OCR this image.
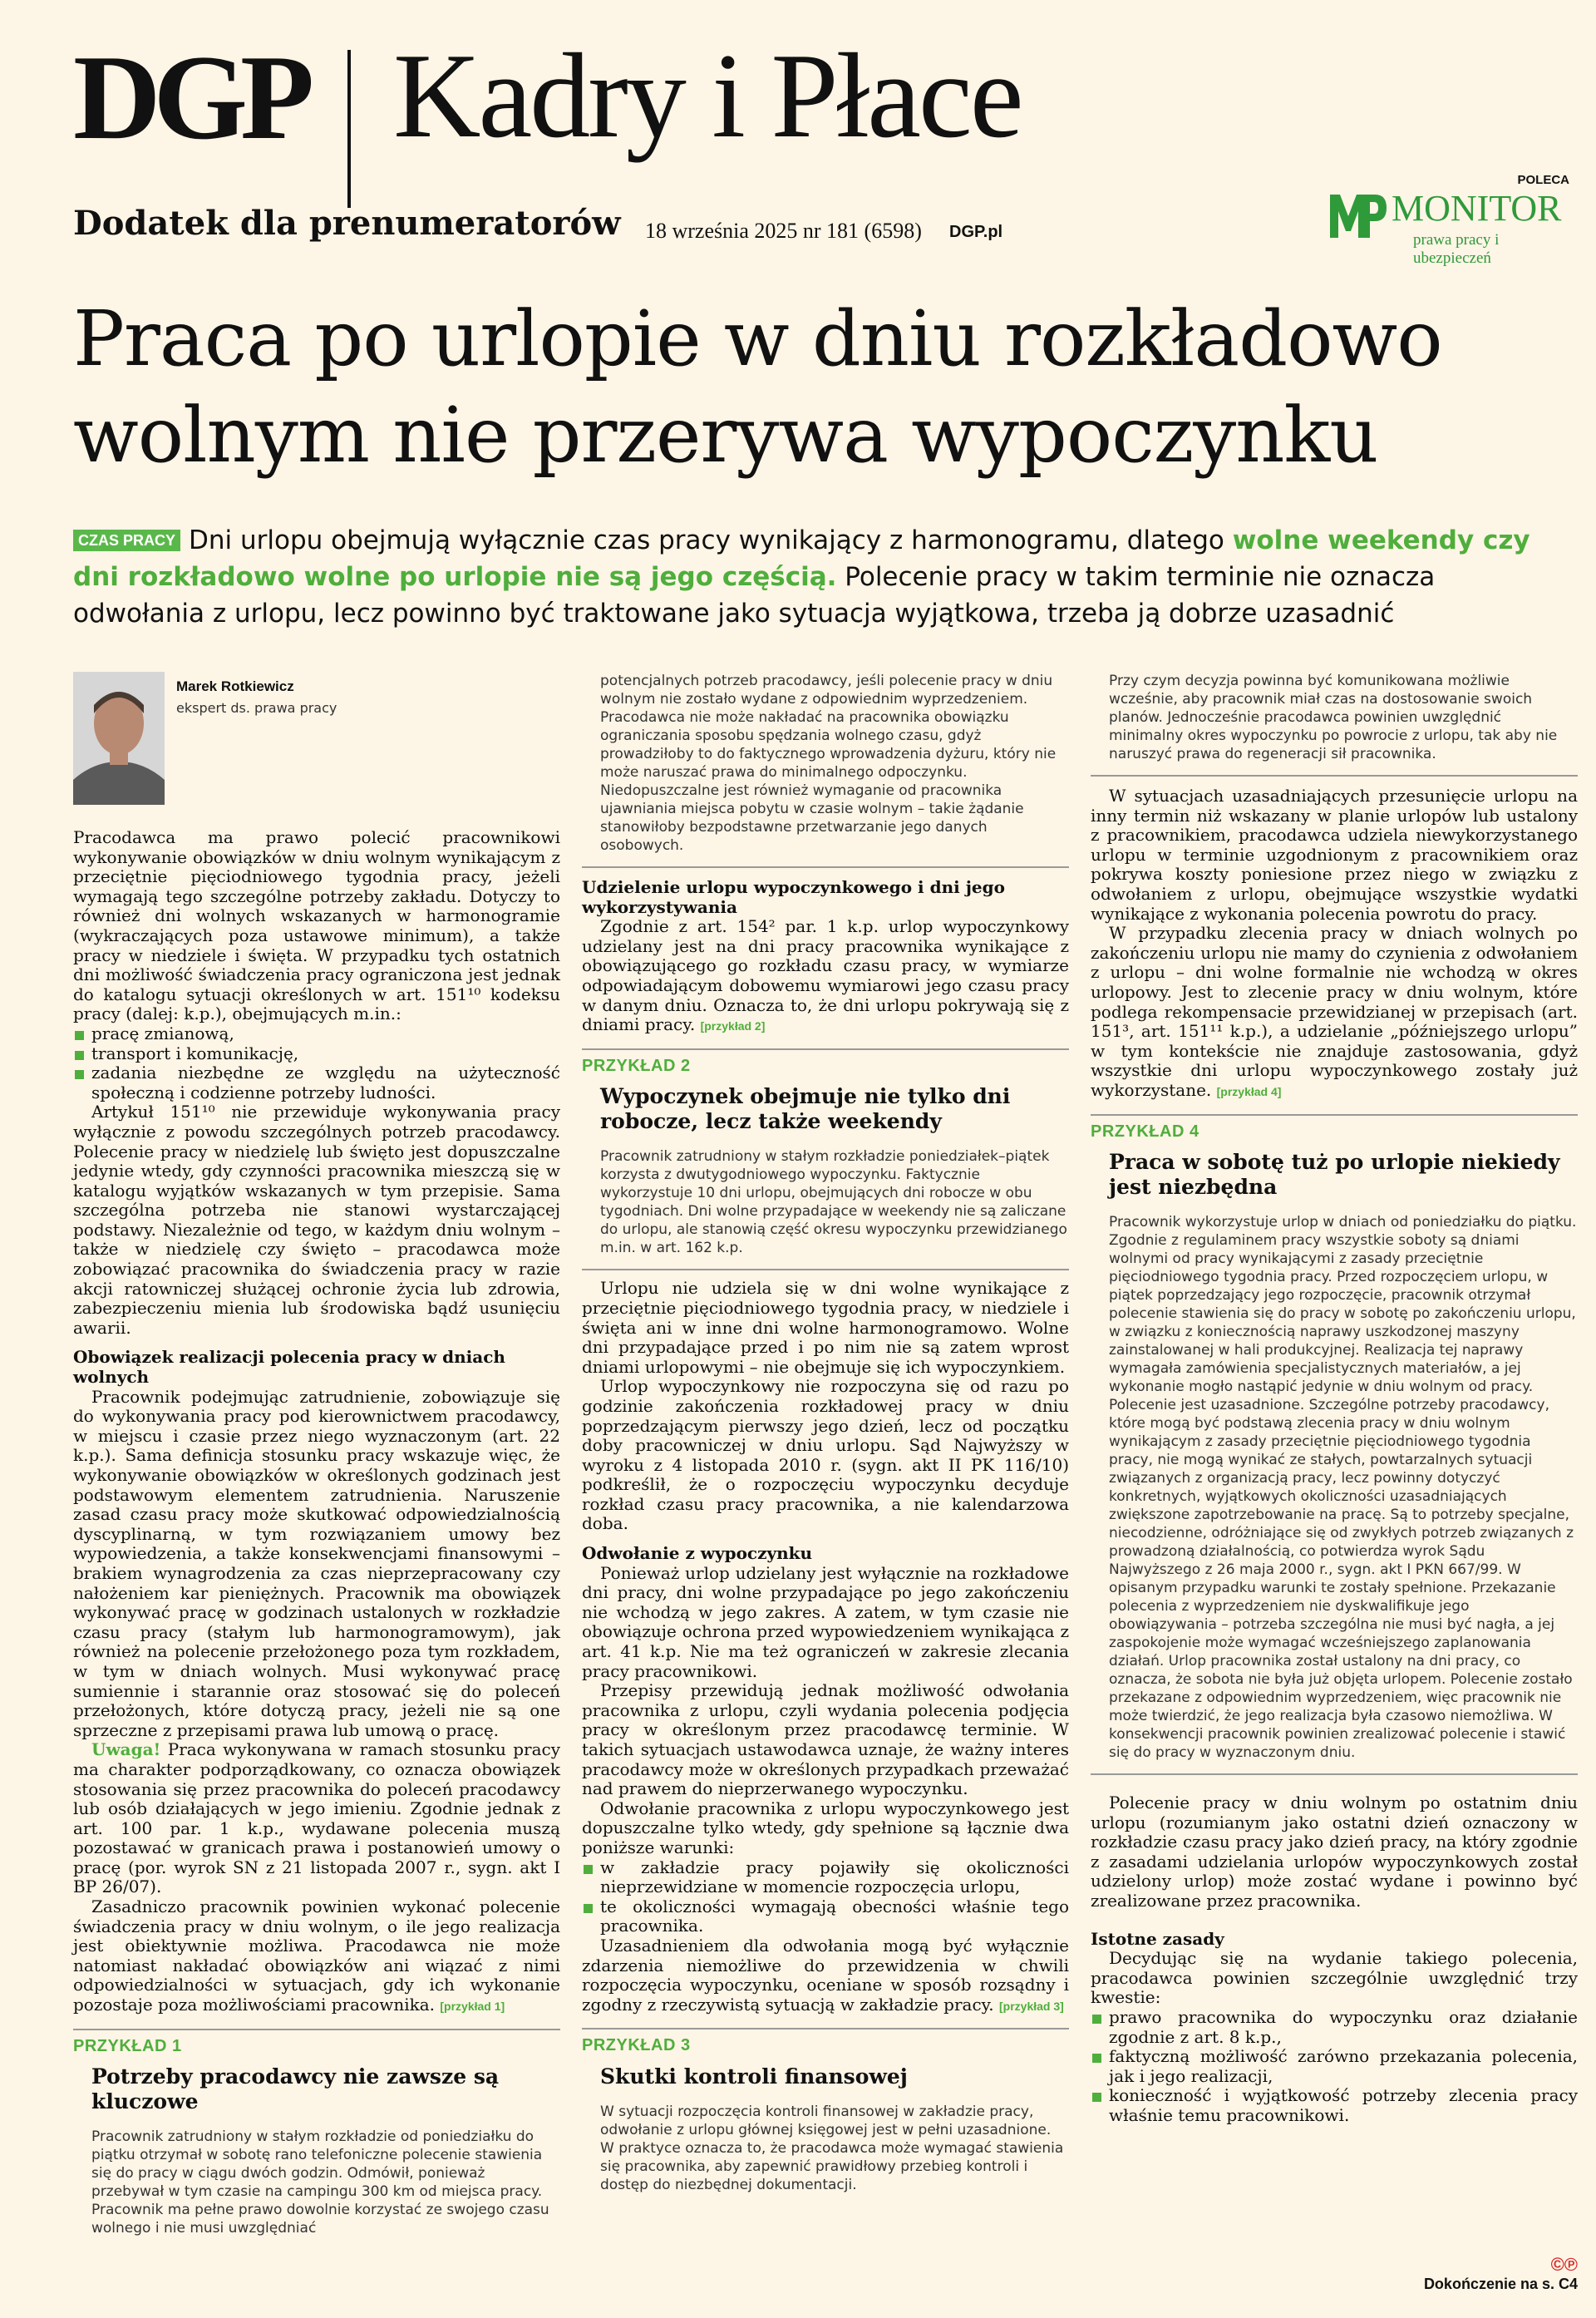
DGP Kadry i Płace
Dodatek dla prenumeratorów 18 września 2025 nr 181 (6598) DGP.pl
POLECA
MONITOR
prawa pracy i ubezpieczeń
Praca po urlopie w dniu rozkładowo wolnym nie przerywa wypoczynku

CZAS PRACY Dni urlopu obejmują wyłącznie czas pracy wynikający z harmonogramu, dlatego wolne weekendy czy dni rozkładowo wolne po urlopie nie są jego częścią. Polecenie pracy w takim terminie nie oznacza odwołania z urlopu, lecz powinno być traktowane jako sytuacja wyjątkowa, trzeba ją dobrze uzasadnić

Marek Rotkiewicz
ekspert ds. prawa pracy

Pracodawca ma prawo polecić pracownikowi wykonywanie obowiązków w dniu wolnym wynikającym z przeciętnie pięciodniowego tygodnia pracy, jeżeli wymagają tego szczególne potrzeby zakładu. Dotyczy to również dni wolnych wskazanych w harmonogramie (wykraczających poza ustawowe minimum), a także pracy w niedziele i święta. W przypadku tych ostatnich dni możliwość świadczenia pracy ograniczona jest jednak do katalogu sytuacji określonych w art. 151¹⁰ kodeksu pracy (dalej: k.p.), obejmujących m.in.:

pracę zmianową,
transport i komunikację,
zadania niezbędne ze względu na użyteczność społeczną i codzienne potrzeby ludności.

Artykuł 151¹⁰ nie przewiduje wykonywania pracy wyłącznie z powodu szczególnych potrzeb pracodawcy. Polecenie pracy w niedzielę lub święto jest dopuszczalne jedynie wtedy, gdy czynności pracownika mieszczą się w katalogu wyjątków wskazanych w tym przepisie. Sama szczególna potrzeba nie stanowi wystarczającej podstawy. Niezależnie od tego, w każdym dniu wolnym – także w niedzielę czy święto – pracodawca może zobowiązać pracownika do świadczenia pracy w razie akcji ratowniczej służącej ochronie życia lub zdrowia, zabezpieczeniu mienia lub środowiska bądź usunięciu awarii.

Obowiązek realizacji polecenia pracy w dniach wolnych

Pracownik podejmując zatrudnienie, zobowiązuje się do wykonywania pracy pod kierownictwem pracodawcy, w miejscu i czasie przez niego wyznaczonym (art. 22 k.p.). Sama definicja stosunku pracy wskazuje więc, że wykonywanie obowiązków w określonych godzinach jest podstawowym elementem zatrudnienia. Naruszenie zasad czasu pracy może skutkować odpowiedzialnością dyscyplinarną, w tym rozwiązaniem umowy bez wypowiedzenia, a także konsekwencjami finansowymi – brakiem wynagrodzenia za czas nieprzepracowany czy nałożeniem kar pieniężnych. Pracownik ma obowiązek wykonywać pracę w godzinach ustalonych w rozkładzie czasu pracy (stałym lub harmonogramowym), jak również na polecenie przełożonego poza tym rozkładem, w tym w dniach wolnych. Musi wykonywać pracę sumiennie i starannie oraz stosować się do poleceń przełożonych, które dotyczą pracy, jeżeli nie są one sprzeczne z przepisami prawa lub umową o pracę.

Uwaga! Praca wykonywana w ramach stosunku pracy ma charakter podporządkowany, co oznacza obowiązek stosowania się przez pracownika do poleceń pracodawcy lub osób działających w jego imieniu. Zgodnie jednak z art. 100 par. 1 k.p., wydawane polecenia muszą pozostawać w granicach prawa i postanowień umowy o pracę (por. wyrok SN z 21 listopada 2007 r., sygn. akt I BP 26/07).

Zasadniczo pracownik powinien wykonać polecenie świadczenia pracy w dniu wolnym, o ile jego realizacja jest obiektywnie możliwa. Pracodawca nie może natomiast nakładać obowiązków ani wiązać z nimi odpowiedzialności w sytuacjach, gdy ich wykonanie pozostaje poza możliwościami pracownika. [przykład 1]

PRZYKŁAD 1
Potrzeby pracodawcy nie zawsze są kluczowe
Pracownik zatrudniony w stałym rozkładzie od poniedziałku do piątku otrzymał w sobotę rano telefoniczne polecenie stawienia się do pracy w ciągu dwóch godzin. Odmówił, ponieważ przebywał w tym czasie na campingu 300 km od miejsca pracy. Pracownik ma pełne prawo dowolnie korzystać ze swojego czasu wolnego i nie musi uwzględniać
potencjalnych potrzeb pracodawcy, jeśli polecenie pracy w dniu wolnym nie zostało wydane z odpowiednim wyprzedzeniem. Pracodawca nie może nakładać na pracownika obowiązku ograniczania sposobu spędzania wolnego czasu, gdyż prowadziłoby to do faktycznego wprowadzenia dyżuru, który nie może naruszać prawa do minimalnego odpoczynku. Niedopuszczalne jest również wymaganie od pracownika ujawniania miejsca pobytu w czasie wolnym – takie żądanie stanowiłoby bezpodstawne przetwarzanie jego danych osobowych.
Udzielenie urlopu wypoczynkowego i dni jego wykorzystywania

Zgodnie z art. 154² par. 1 k.p. urlop wypoczynkowy udzielany jest na dni pracy pracownika wynikające z obowiązującego go rozkładu czasu pracy, w wymiarze odpowiadającym dobowemu wymiarowi jego czasu pracy w danym dniu. Oznacza to, że dni urlopu pokrywają się z dniami pracy. [przykład 2]

PRZYKŁAD 2
Wypoczynek obejmuje nie tylko dni robocze, lecz także weekendy
Pracownik zatrudniony w stałym rozkładzie poniedziałek–piątek korzysta z dwutygodniowego wypoczynku. Faktycznie wykorzystuje 10 dni urlopu, obejmujących dni robocze w obu tygodniach. Dni wolne przypadające w weekendy nie są zaliczane do urlopu, ale stanowią część okresu wypoczynku przewidzianego m.in. w art. 162 k.p.

Urlopu nie udziela się w dni wolne wynikające z przeciętnie pięciodniowego tygodnia pracy, w niedziele i święta ani w inne dni wolne harmonogramowo. Wolne dni przypadające przed i po nim nie są zatem wprost dniami urlopowymi – nie obejmuje się ich wypoczynkiem.

Urlop wypoczynkowy nie rozpoczyna się od razu po godzinie zakończenia rozkładowej pracy w dniu poprzedzającym pierwszy jego dzień, lecz od początku doby pracowniczej w dniu urlopu. Sąd Najwyższy w wyroku z 4 listopada 2010 r. (sygn. akt II PK 116/10) podkreślił, że o rozpoczęciu wypoczynku decyduje rozkład czasu pracy pracownika, a nie kalendarzowa doba.

Odwołanie z wypoczynku

Ponieważ urlop udzielany jest wyłącznie na rozkładowe dni pracy, dni wolne przypadające po jego zakończeniu nie wchodzą w jego zakres. A zatem, w tym czasie nie obowiązuje ochrona przed wypowiedzeniem wynikająca z art. 41 k.p. Nie ma też ograniczeń w zakresie zlecania pracy pracownikowi.

Przepisy przewidują jednak możliwość odwołania pracownika z urlopu, czyli wydania polecenia podjęcia pracy w określonym przez pracodawcę terminie. W takich sytuacjach ustawodawca uznaje, że ważny interes pracodawcy może w określonych przypadkach przeważać nad prawem do nieprzerwanego wypoczynku.

Odwołanie pracownika z urlopu wypoczynkowego jest dopuszczalne tylko wtedy, gdy spełnione są łącznie dwa poniższe warunki:

w zakładzie pracy pojawiły się okoliczności nieprzewidziane w momencie rozpoczęcia urlopu,
te okoliczności wymagają obecności właśnie tego pracownika.

Uzasadnieniem dla odwołania mogą być wyłącznie zdarzenia niemożliwe do przewidzenia w chwili rozpoczęcia wypoczynku, oceniane w sposób rozsądny i zgodny z rzeczywistą sytuacją w zakładzie pracy. [przykład 3]

PRZYKŁAD 3
Skutki kontroli finansowej
W sytuacji rozpoczęcia kontroli finansowej w zakładzie pracy, odwołanie z urlopu głównej księgowej jest w pełni uzasadnione. W praktyce oznacza to, że pracodawca może wymagać stawienia się pracownika, aby zapewnić prawidłowy przebieg kontroli i dostęp do niezbędnej dokumentacji.
Przy czym decyzja powinna być komunikowana możliwie wcześnie, aby pracownik miał czas na dostosowanie swoich planów. Jednocześnie pracodawca powinien uwzględnić minimalny okres wypoczynku po powrocie z urlopu, tak aby nie naruszyć prawa do regeneracji sił pracownika.

W sytuacjach uzasadniających przesunięcie urlopu na inny termin niż wskazany w planie urlopów lub ustalony z pracownikiem, pracodawca udziela niewykorzystanego urlopu w terminie uzgodnionym z pracownikiem oraz pokrywa koszty poniesione przez niego w związku z odwołaniem z urlopu, obejmujące wszystkie wydatki wynikające z wykonania polecenia powrotu do pracy.

W przypadku zlecenia pracy w dniach wolnych po zakończeniu urlopu nie mamy do czynienia z odwołaniem z urlopu – dni wolne formalnie nie wchodzą w okres urlopowy. Jest to zlecenie pracy w dniu wolnym, które podlega rekompensacie przewidzianej w przepisach (art. 151³, art. 151¹¹ k.p.), a udzielanie „późniejszego urlopu” w tym kontekście nie znajduje zastosowania, gdyż wszystkie dni urlopu wypoczynkowego zostały już wykorzystane. [przykład 4]

PRZYKŁAD 4
Praca w sobotę tuż po urlopie niekiedy jest niezbędna
Pracownik wykorzystuje urlop w dniach od poniedziałku do piątku. Zgodnie z regulaminem pracy wszystkie soboty są dniami wolnymi od pracy wynikającymi z zasady przeciętnie pięciodniowego tygodnia pracy. Przed rozpoczęciem urlopu, w piątek poprzedzający jego rozpoczęcie, pracownik otrzymał polecenie stawienia się do pracy w sobotę po zakończeniu urlopu, w związku z koniecznością naprawy uszkodzonej maszyny zainstalowanej w hali produkcyjnej. Realizacja tej naprawy wymagała zamówienia specjalistycznych materiałów, a jej wykonanie mogło nastąpić jedynie w dniu wolnym od pracy. Polecenie jest uzasadnione. Szczególne potrzeby pracodawcy, które mogą być podstawą zlecenia pracy w dniu wolnym wynikającym z zasady przeciętnie pięciodniowego tygodnia pracy, nie mogą wynikać ze stałych, powtarzalnych sytuacji związanych z organizacją pracy, lecz powinny dotyczyć konkretnych, wyjątkowych okoliczności uzasadniających zwiększone zapotrzebowanie na pracę. Są to potrzeby specjalne, niecodzienne, odróżniające się od zwykłych potrzeb związanych z prowadzoną działalnością, co potwierdza wyrok Sądu Najwyższego z 26 maja 2000 r., sygn. akt I PKN 667/99. W opisanym przypadku warunki te zostały spełnione. Przekazanie polecenia z wyprzedzeniem nie dyskwalifikuje jego obowiązywania – potrzeba szczególna nie musi być nagła, a jej zaspokojenie może wymagać wcześniejszego zaplanowania działań. Urlop pracownika został ustalony na dni pracy, co oznacza, że sobota nie była już objęta urlopem. Polecenie zostało przekazane z odpowiednim wyprzedzeniem, więc pracownik nie może twierdzić, że jego realizacja była czasowo niemożliwa. W konsekwencji pracownik powinien zrealizować polecenie i stawić się do pracy w wyznaczonym dniu.

Polecenie pracy w dniu wolnym po ostatnim dniu urlopu (rozumianym jako ostatni dzień oznaczony w rozkładzie czasu pracy jako dzień pracy, na który zgodnie z zasadami udzielania urlopów wypoczynkowych został udzielony urlop) może zostać wydane i powinno być zrealizowane przez pracownika.

Istotne zasady

Decydując się na wydanie takiego polecenia, pracodawca powinien szczególnie uwzględnić trzy kwestie:

prawo pracownika do wypoczynku oraz działanie zgodnie z art. 8 k.p.,
faktyczną możliwość zarówno przekazania polecenia, jak i jego realizacji,
konieczność i wyjątkowość potrzeby zlecenia pracy właśnie temu pracownikowi.
©℗
Dokończenie na s. C4
